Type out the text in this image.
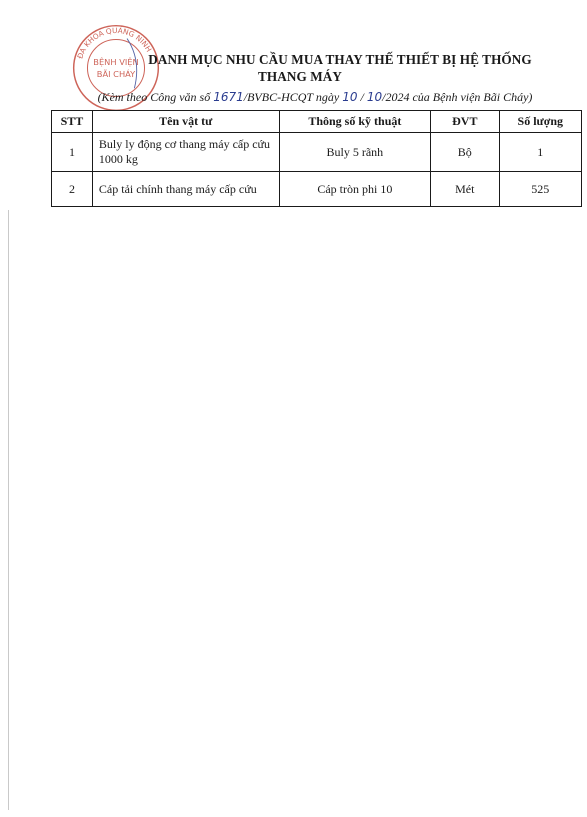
ĐA KHOA QUẢNG NINH
BỆNH VIỆN
BÃI CHÁY
DANH MỤC NHU CẦU MUA THAY THẾ THIẾT BỊ HỆ THỐNG
THANG MÁY
(Kèm theo Công văn số 1671/BVBC-HCQT ngày 10 / 10/2024 của Bệnh viện Bãi Cháy)
STT	Tên vật tư	Thông số kỹ thuật	ĐVT	Số lượng
1	Buly ly động cơ thang máy cấp cứu 1000 kg	Buly 5 rãnh	Bộ	1
2	Cáp tải chính thang máy cấp cứu	Cáp tròn phi 10	Mét	525
